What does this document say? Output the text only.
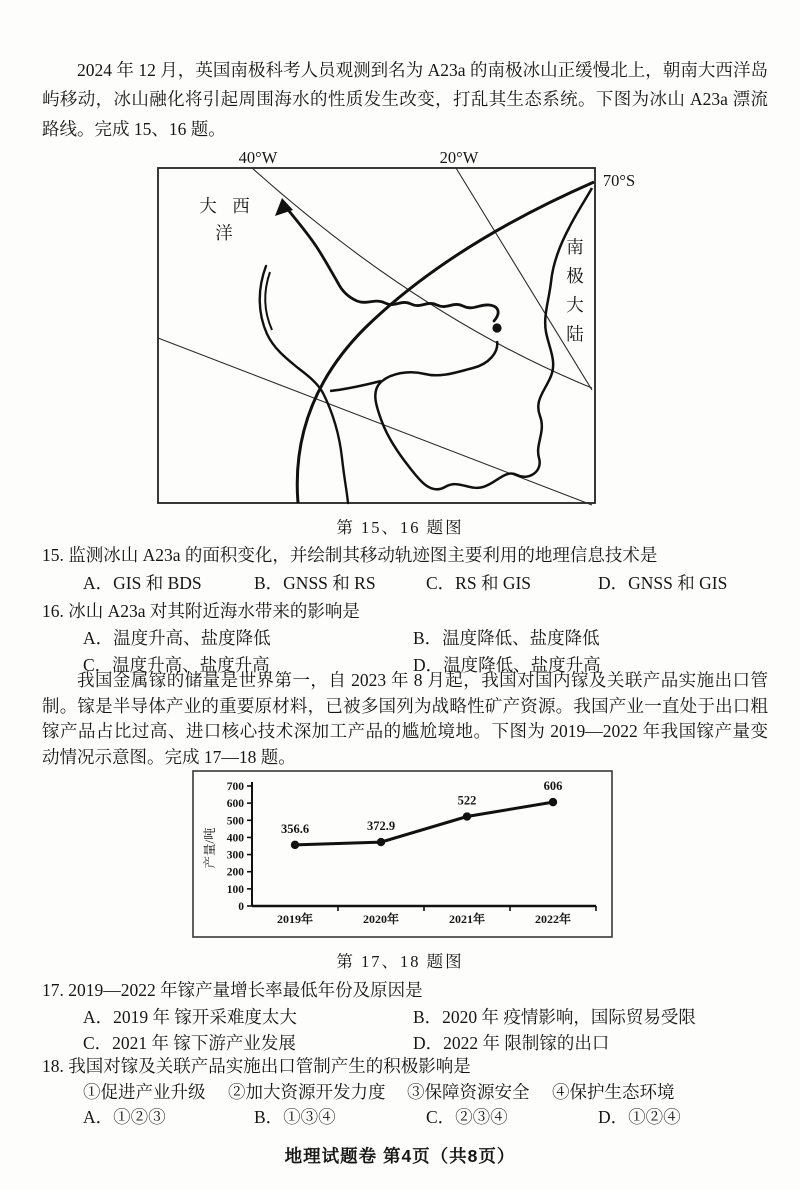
2024 年 12 月，英国南极科考人员观测到名为 A23a 的南极冰山正缓慢北上，朝南大西洋岛屿移动，冰山融化将引起周围海水的性质发生改变，打乱其生态系统。下图为冰山 A23a 漂流路线。完成 15、16 题。

40°W	20°W
70°S
大 西
洋
南
极
大
陆
第 15、16 题图
15. 监测冰山 A23a 的面积变化，并绘制其移动轨迹图主要利用的地理信息技术是
A．GIS 和 BDS	B．GNSS 和 RS	C．RS 和 GIS	D．GNSS 和 GIS
16. 冰山 A23a 对其附近海水带来的影响是
A．温度升高、盐度降低	B．温度降低、盐度降低
C．温度升高、盐度升高	D．温度降低、盐度升高

我国金属镓的储量是世界第一，自 2023 年 8 月起，我国对国内镓及关联产品实施出口管制。镓是半导体产业的重要原材料，已被多国列为战略性矿产资源。我国产业一直处于出口粗镓产品占比过高、进口核心技术深加工产品的尴尬境地。下图为 2019—2022 年我国镓产量变动情况示意图。完成 17—18 题。

产量/吨
0
100
200
300
400
500
600
700
2019年	2020年	2021年	2022年
356.6	372.9
522
606
第 17、18 题图
17. 2019—2022 年镓产量增长率最低年份及原因是
A．2019 年 镓开采难度太大	B．2020 年 疫情影响，国际贸易受限
C．2021 年 镓下游产业发展	D．2022 年 限制镓的出口
18. 我国对镓及关联产品实施出口管制产生的积极影响是
①促进产业升级 ②加大资源开发力度 ③保障资源安全 ④保护生态环境
A．①②③	B．①③④	C．②③④	D．①②④
地理试题卷 第4页（共8页）
